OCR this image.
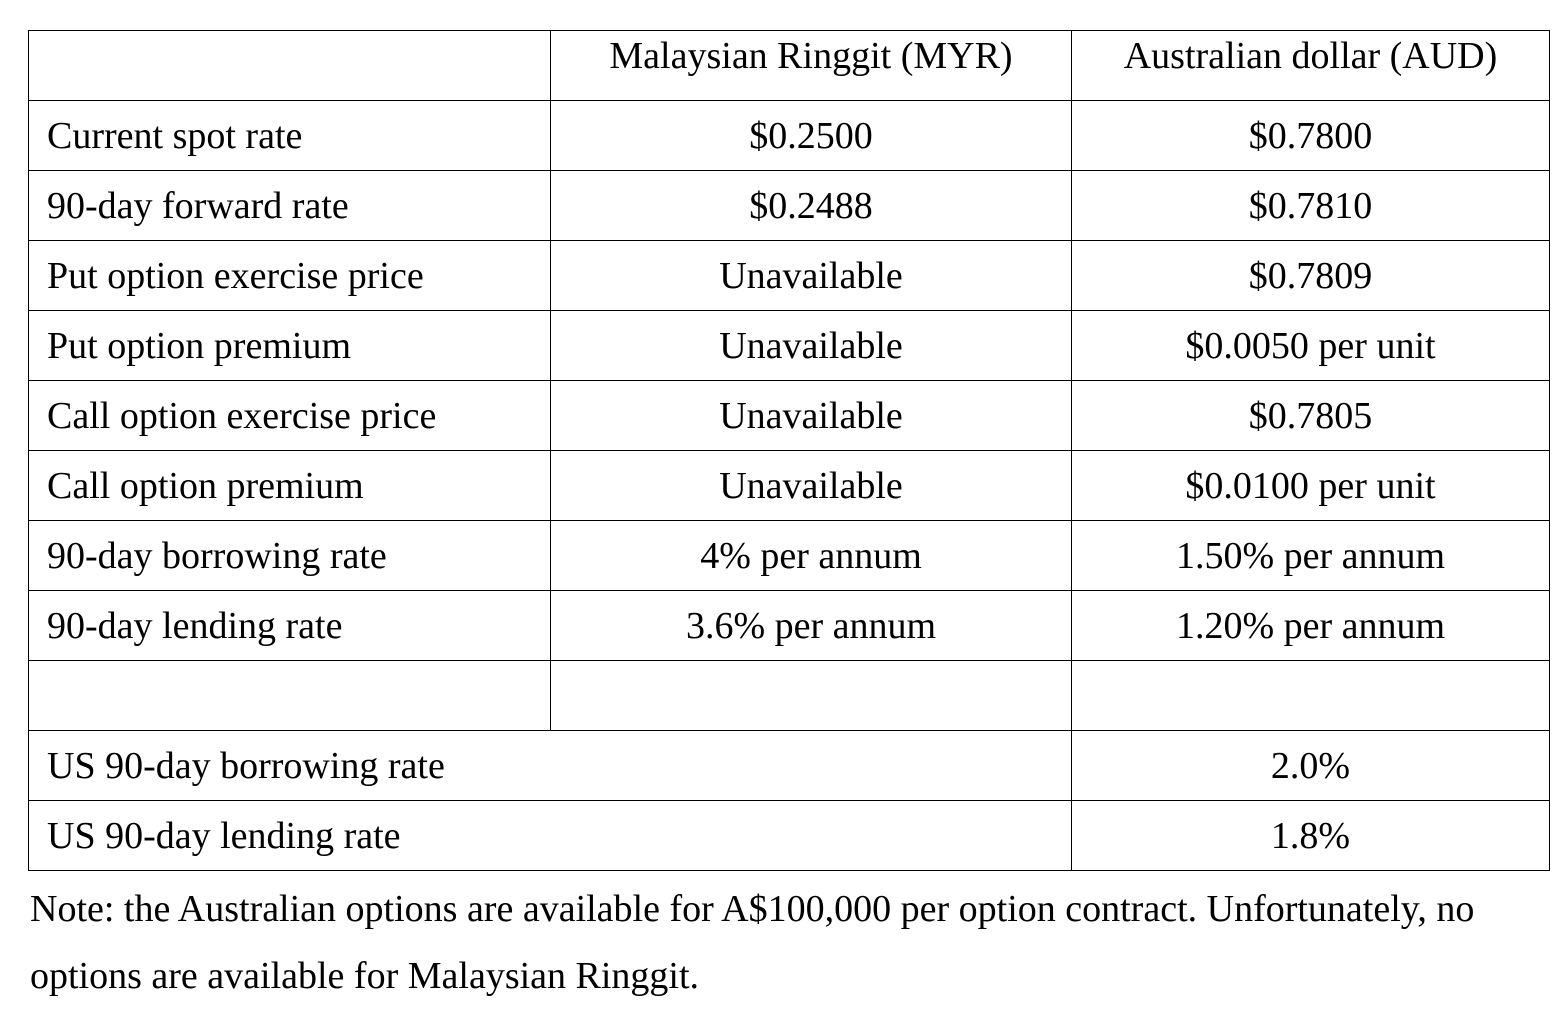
	Malaysian Ringgit (MYR)	Australian dollar (AUD)
Current spot rate	$0.2500	$0.7800
90-day forward rate	$0.2488	$0.7810
Put option exercise price	Unavailable	$0.7809
Put option premium	Unavailable	$0.0050 per unit
Call option exercise price	Unavailable	$0.7805
Call option premium	Unavailable	$0.0100 per unit
90-day borrowing rate	4% per annum	1.50% per annum
90-day lending rate	3.6% per annum	1.20% per annum

US 90-day borrowing rate		2.0%
US 90-day lending rate		1.8%
Note: the Australian options are available for A$100,000 per option contract. Unfortunately, no options are available for Malaysian Ringgit.
